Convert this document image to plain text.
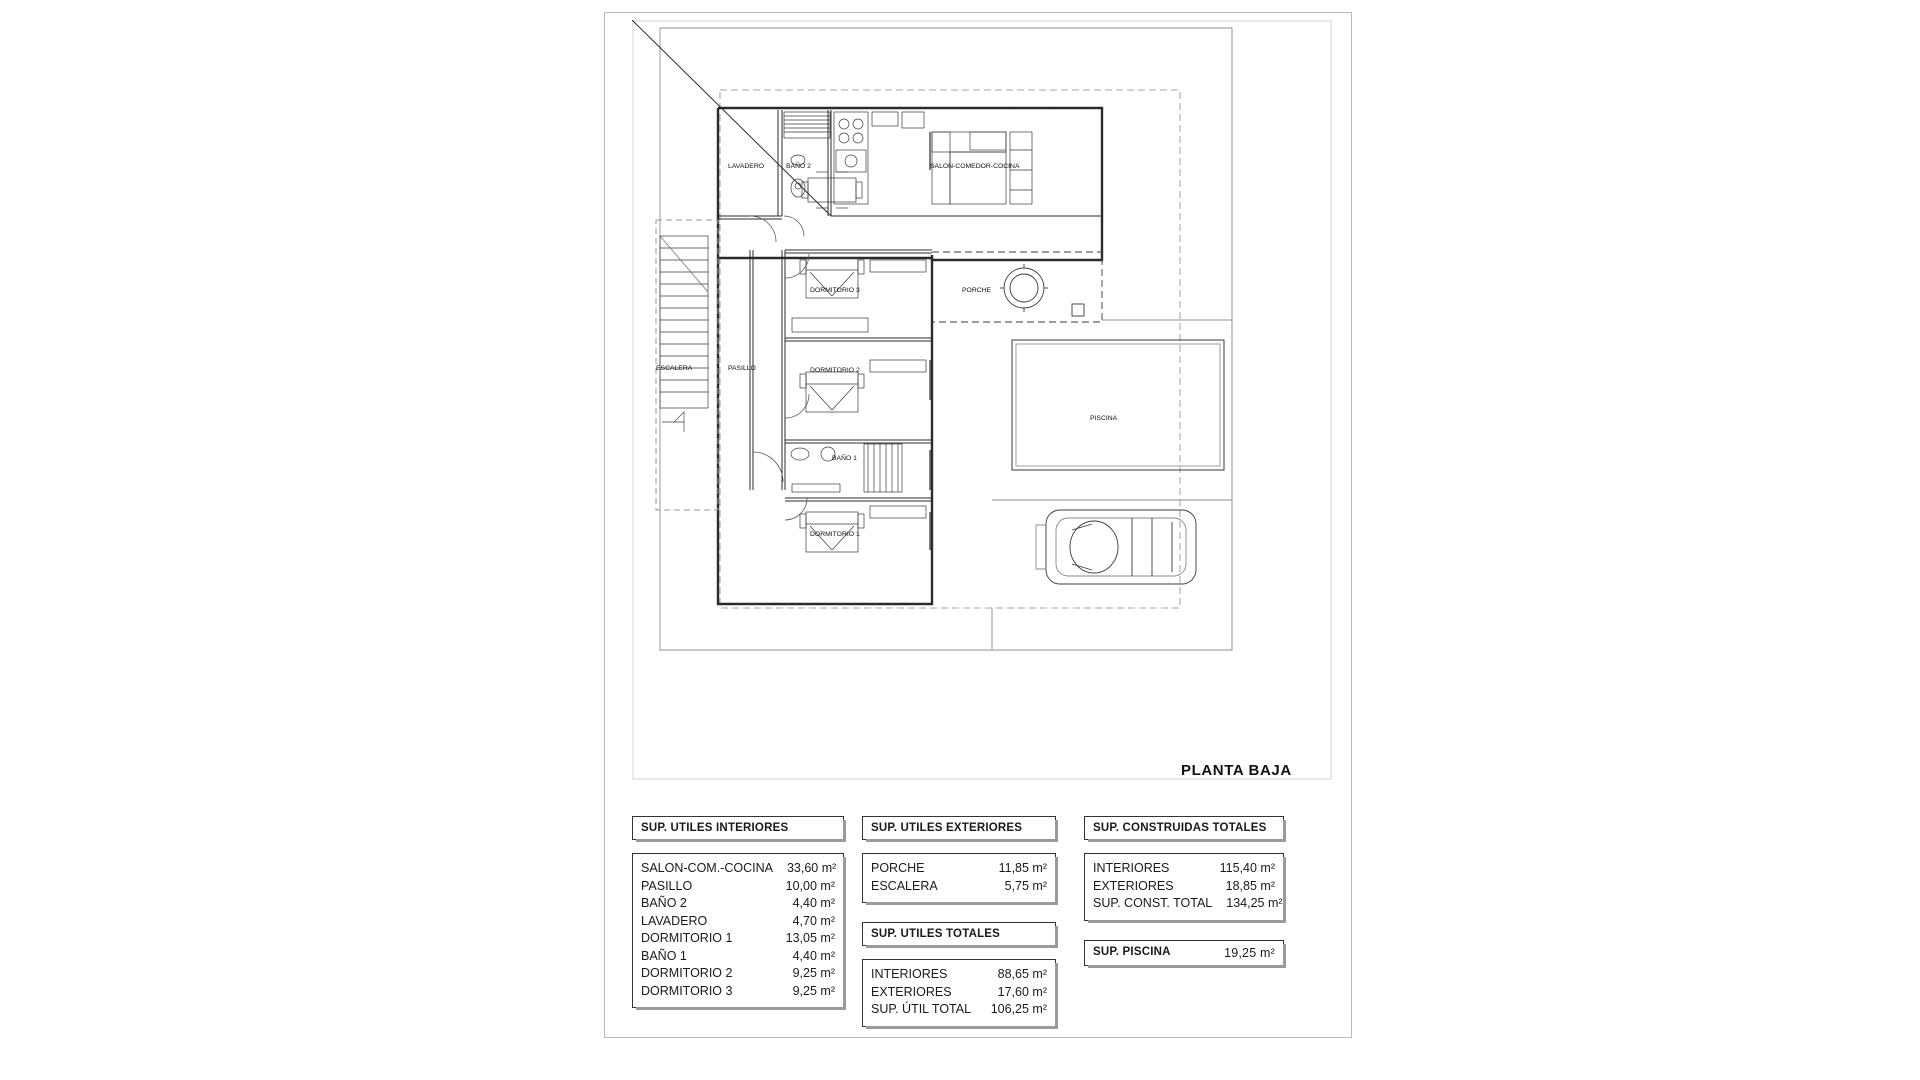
LAVADERO	BAÑO 2	SALON-COMEDOR-COCINA
DORMITORIO 3	PORCHE
ESCALERA	PASILLO	DORMITORIO 2
PISCINA
BAÑO 1
DORMITORIO 1
PLANTA BAJA
SUP. UTILES INTERIORES
SALON-COM.-COCINA	33,60 m²
PASILLO	10,00 m²
BAÑO 2	4,40 m²
LAVADERO	4,70 m²
DORMITORIO 1	13,05 m²
BAÑO 1	4,40 m²
DORMITORIO 2	9,25 m²
DORMITORIO 3	9,25 m²
SUP. UTILES EXTERIORES
PORCHE	11,85 m²
ESCALERA	5,75 m²
SUP. UTILES TOTALES
INTERIORES	88,65 m²
EXTERIORES	17,60 m²
SUP. ÚTIL TOTAL	106,25 m²
SUP. CONSTRUIDAS TOTALES
INTERIORES	115,40 m²
EXTERIORES	18,85 m²
SUP. CONST. TOTAL	134,25 m²
SUP. PISCINA	19,25 m²
